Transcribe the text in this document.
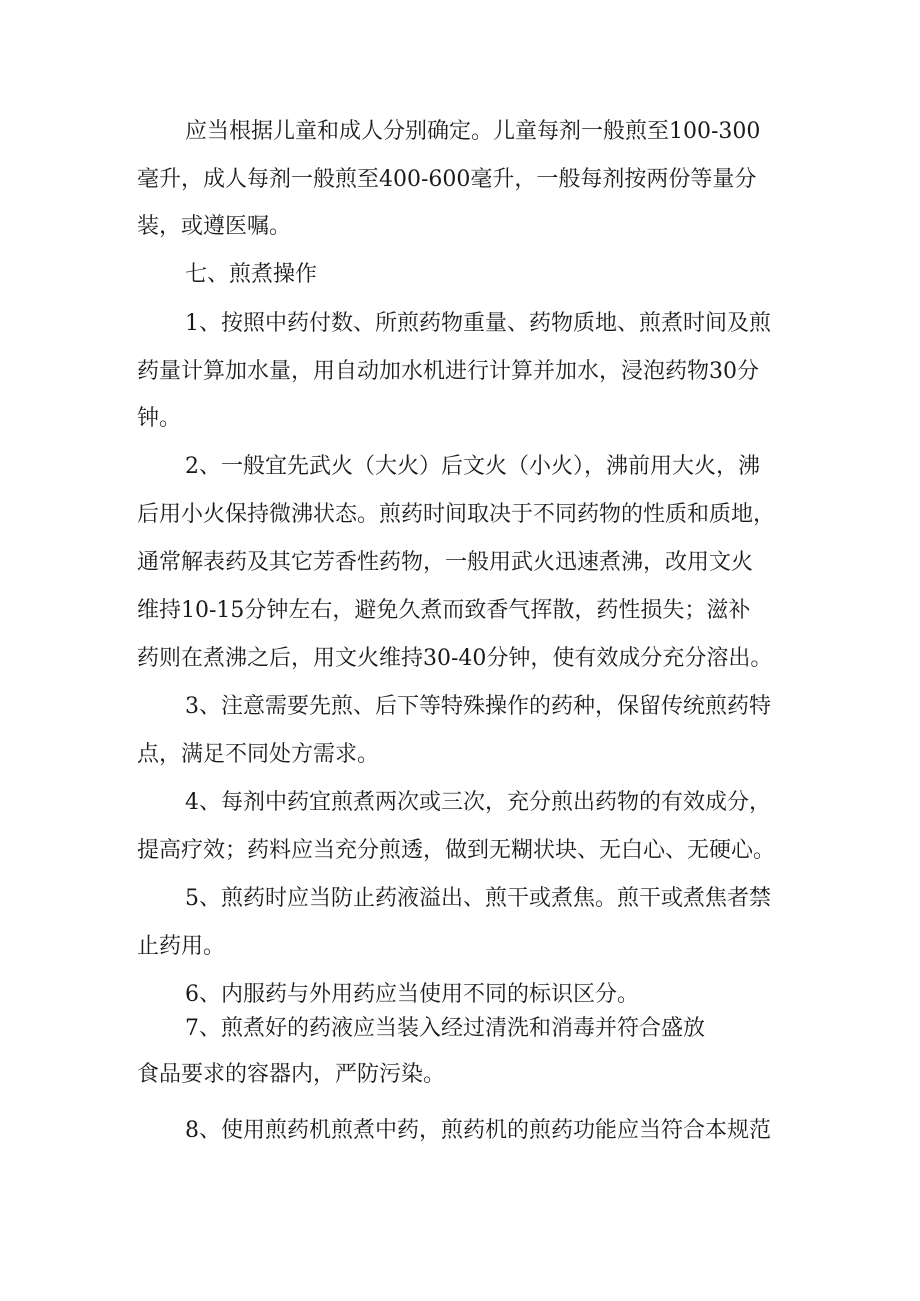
应当根据儿童和成人分别确定。儿童每剂一般煎至100-300
毫升，成人每剂一般煎至400-600毫升，一般每剂按两份等量分
装，或遵医嘱。
七、煎煮操作
1、按照中药付数、所煎药物重量、药物质地、煎煮时间及煎
药量计算加水量，用自动加水机进行计算并加水，浸泡药物30分
钟。
2、一般宜先武火（大火）后文火（小火），沸前用大火，沸
后用小火保持微沸状态。煎药时间取决于不同药物的性质和质地，
通常解表药及其它芳香性药物，一般用武火迅速煮沸，改用文火
维持10-15分钟左右，避免久煮而致香气挥散，药性损失；滋补
药则在煮沸之后，用文火维持30-40分钟，使有效成分充分溶出。
3、注意需要先煎、后下等特殊操作的药种，保留传统煎药特
点，满足不同处方需求。
4、每剂中药宜煎煮两次或三次，充分煎出药物的有效成分，
提高疗效；药料应当充分煎透，做到无糊状块、无白心、无硬心。
5、煎药时应当防止药液溢出、煎干或煮焦。煎干或煮焦者禁
止药用。
6、内服药与外用药应当使用不同的标识区分。
7、煎煮好的药液应当装入经过清洗和消毒并符合盛放
食品要求的容器内，严防污染。
8、使用煎药机煎煮中药，煎药机的煎药功能应当符合本规范
